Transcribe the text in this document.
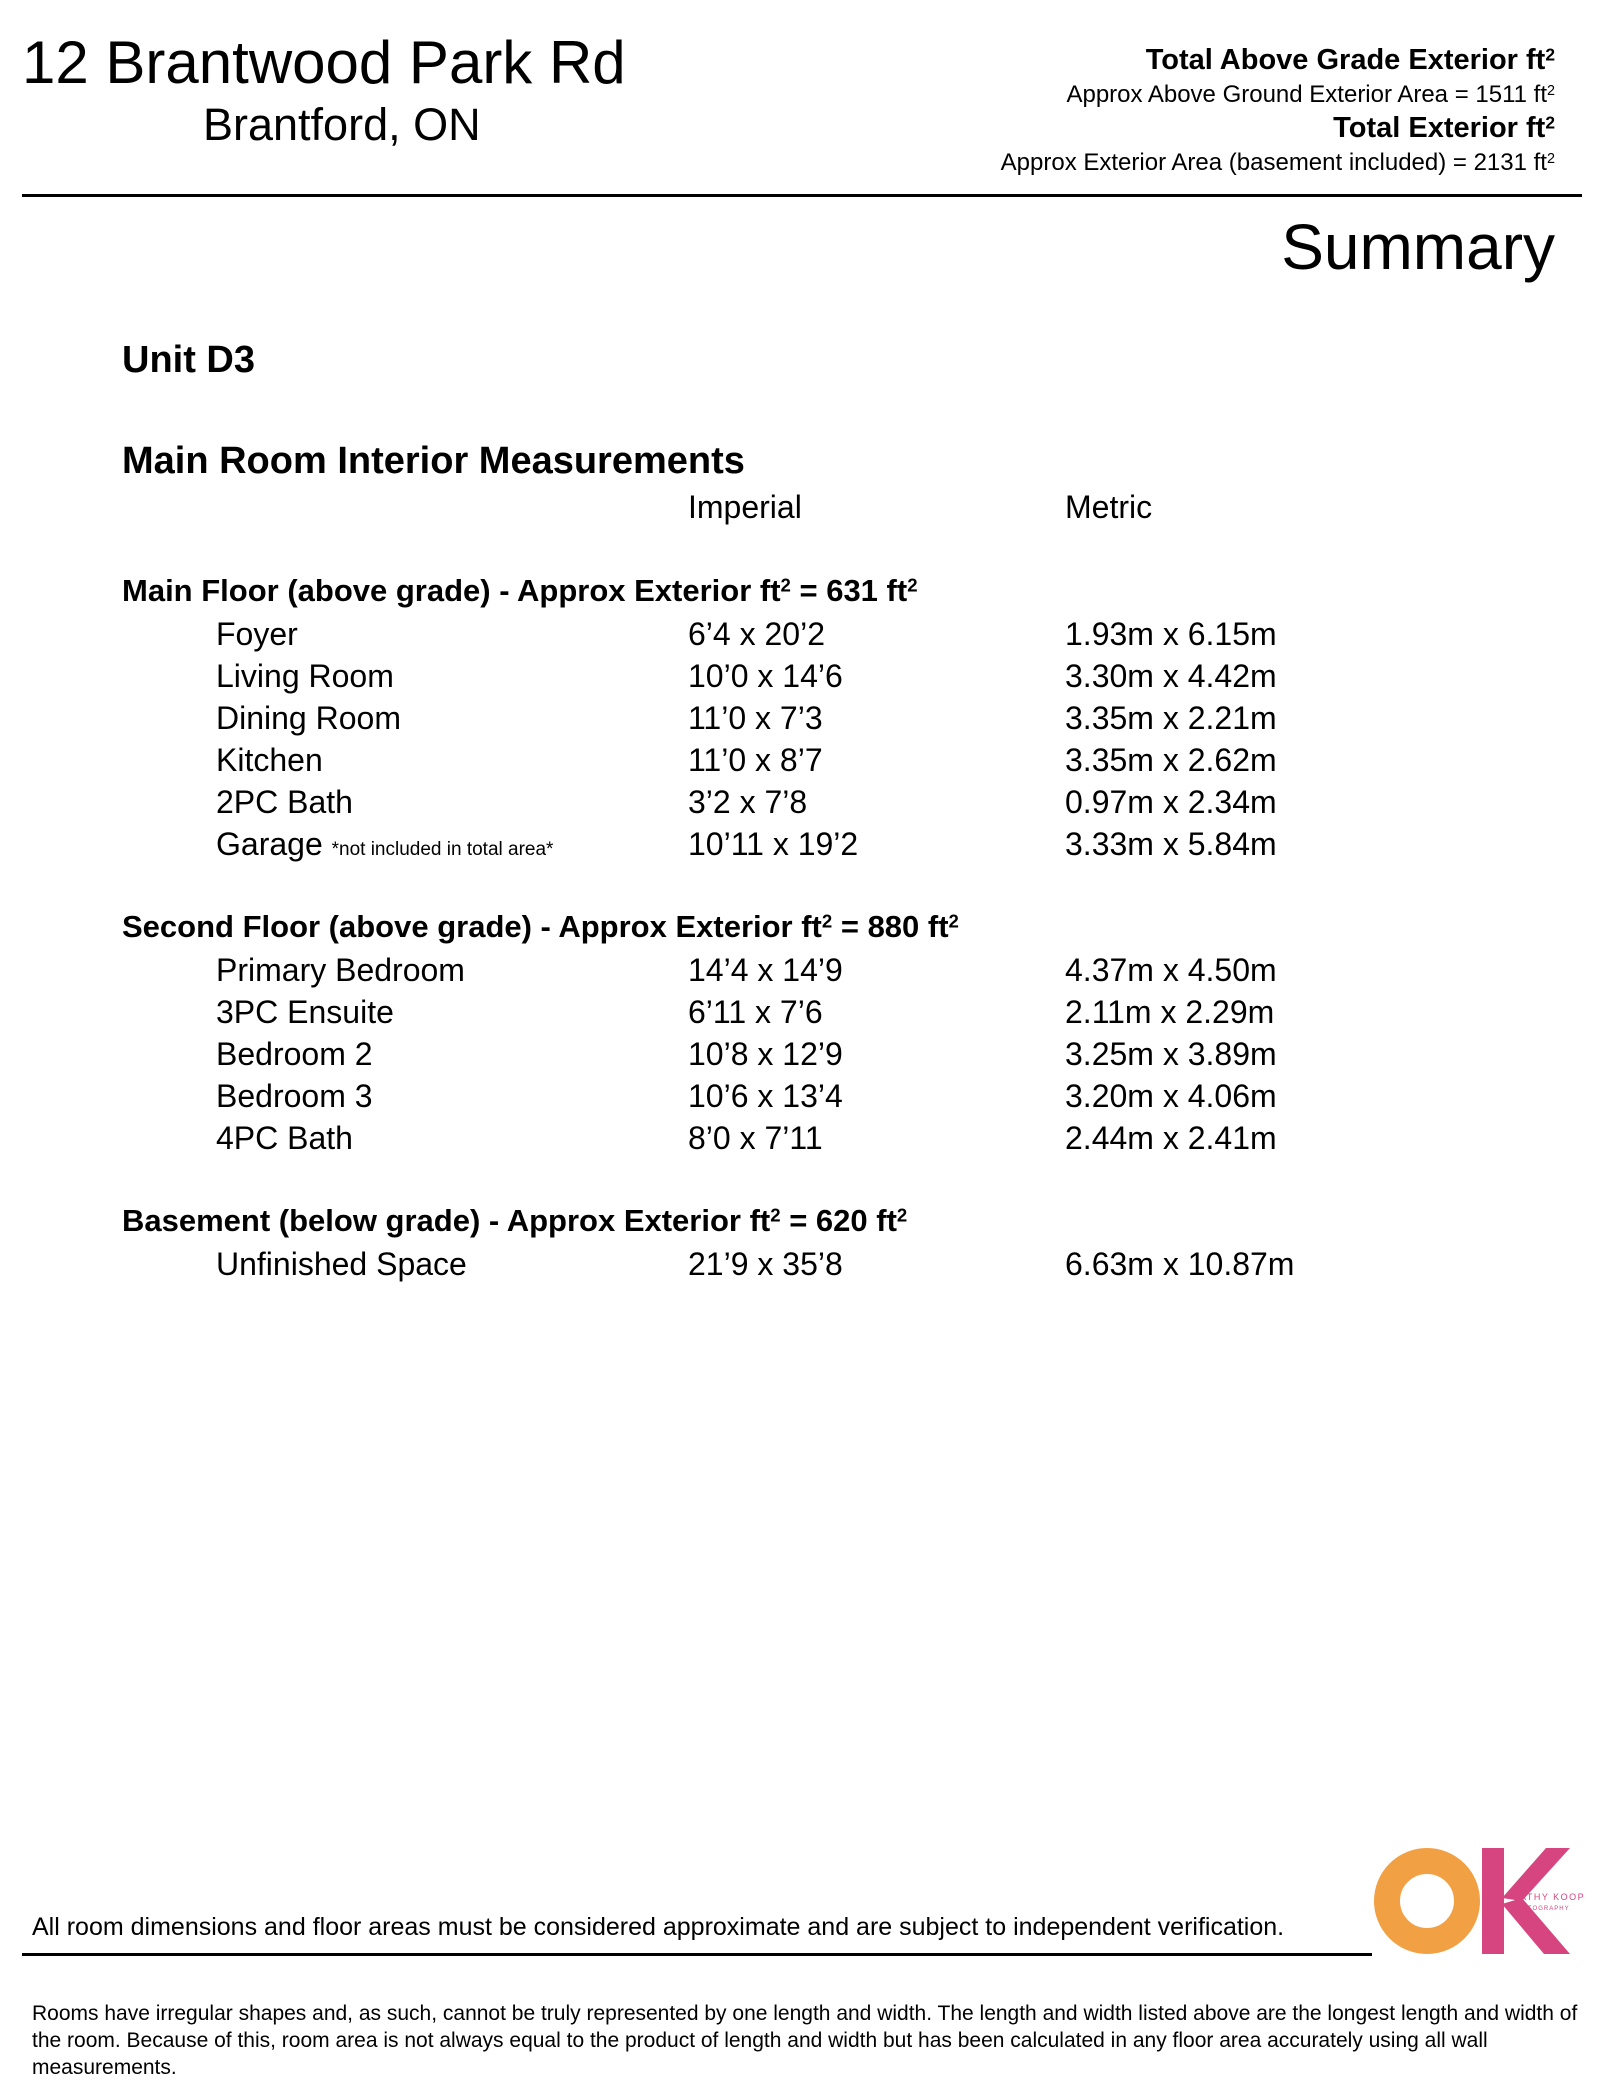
12 Brantwood Park Rd
Brantford, ON
Total Above Grade Exterior $ft^2$
Approx Above Ground Exterior Area = 1511 $ft^2$
Total Exterior $ft^2$
Approx Exterior Area (basement included) = 2131 $ft^2$
Summary
Unit D3
Main Room Interior Measurements
Imperial	Metric
Main Floor (above grade) - Approx Exterior $ft^2 = 631$ $ft^2$
Foyer	6’4 x 20’2	1.93m x 6.15m
Living Room	10’0 x 14’6	3.30m x 4.42m
Dining Room	11’0 x 7’3	3.35m x 2.21m
Kitchen	11’0 x 8’7	3.35m x 2.62m
2PC Bath	3’2 x 7’8	0.97m x 2.34m
Garage *not included in total area*	10’11 x 19’2	3.33m x 5.84m
Second Floor (above grade) - Approx Exterior $ft^2 = 880$ $ft^2$
Primary Bedroom	14’4 x 14’9	4.37m x 4.50m
3PC Ensuite	6’11 x 7’6	2.11m x 2.29m
Bedroom 2	10’8 x 12’9	3.25m x 3.89m
Bedroom 3	10’6 x 13’4	3.20m x 4.06m
4PC Bath	8’0 x 7’11	2.44m x 2.41m
Basement (below grade) - Approx Exterior $ft^2 = 620$ $ft^2$
Unfinished Space	21’9 x 35’8	6.63m x 10.87m
All room dimensions and floor areas must be considered approximate and are subject to independent verification.
Rooms have irregular shapes and, as such, cannot be truly represented by one length and width. The length and width listed above are the longest length and width of the room. Because of this, room area is not always equal to the product of length and width but has been calculated in any floor area accurately using all wall measurements.
CATHY KOOP
PHOTOGRAPHY
